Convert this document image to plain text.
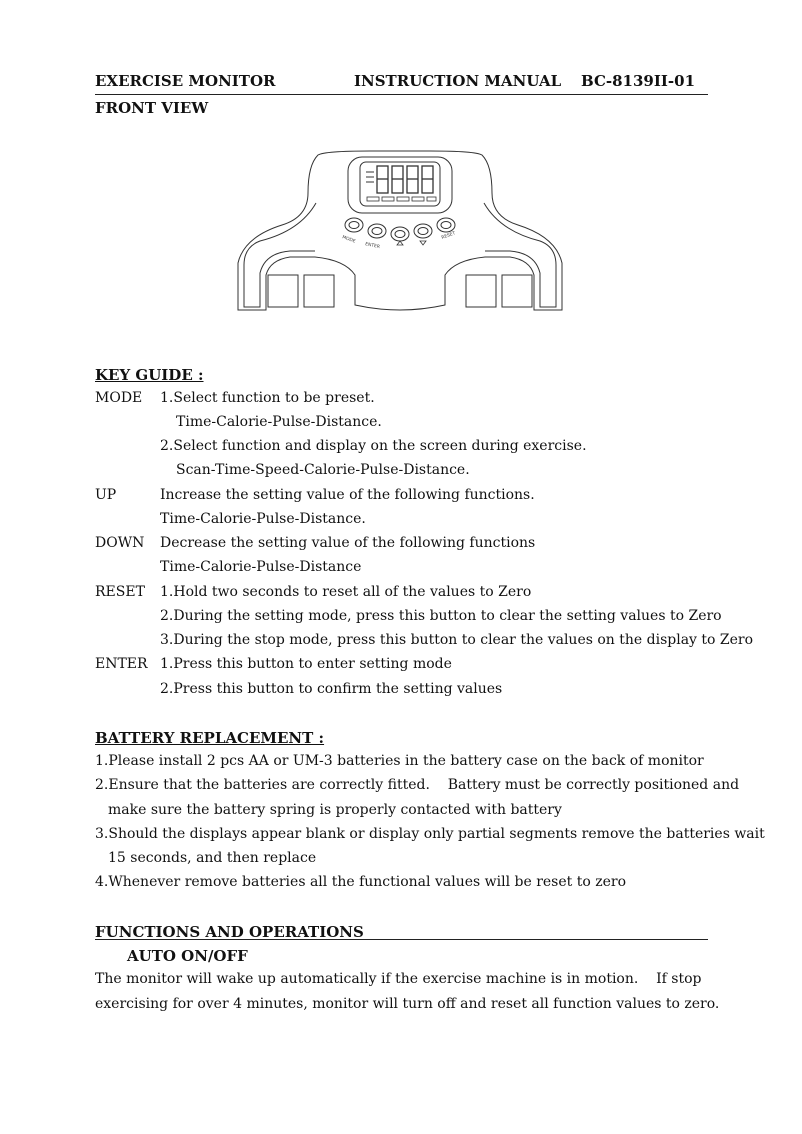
EXERCISE MONITOR	INSTRUCTION MANUAL BC-8139II-01
FRONT VIEW
MODE
ENTER
RESET
KEY GUIDE :
MODE 1.Select function to be preset.
Time-Calorie-Pulse-Distance.
2.Select function and display on the screen during exercise.
Scan-Time-Speed-Calorie-Pulse-Distance.
UP	Increase the setting value of the following functions.
Time-Calorie-Pulse-Distance.
DOWN Decrease the setting value of the following functions
Time-Calorie-Pulse-Distance
RESET 1.Hold two seconds to reset all of the values to Zero
2.During the setting mode, press this button to clear the setting values to Zero
3.During the stop mode, press this button to clear the values on the display to Zero
ENTER 1.Press this button to enter setting mode
2.Press this button to confirm the setting values
BATTERY REPLACEMENT :
1.Please install 2 pcs AA or UM-3 batteries in the battery case on the back of monitor
2.Ensure that the batteries are correctly fitted.    Battery must be correctly positioned and
make sure the battery spring is properly contacted with battery
3.Should the displays appear blank or display only partial segments remove the batteries wait
15 seconds, and then replace
4.Whenever remove batteries all the functional values will be reset to zero
FUNCTIONS AND OPERATIONS
AUTO ON/OFF
The monitor will wake up automatically if the exercise machine is in motion.    If stop
exercising for over 4 minutes, monitor will turn off and reset all function values to zero.
